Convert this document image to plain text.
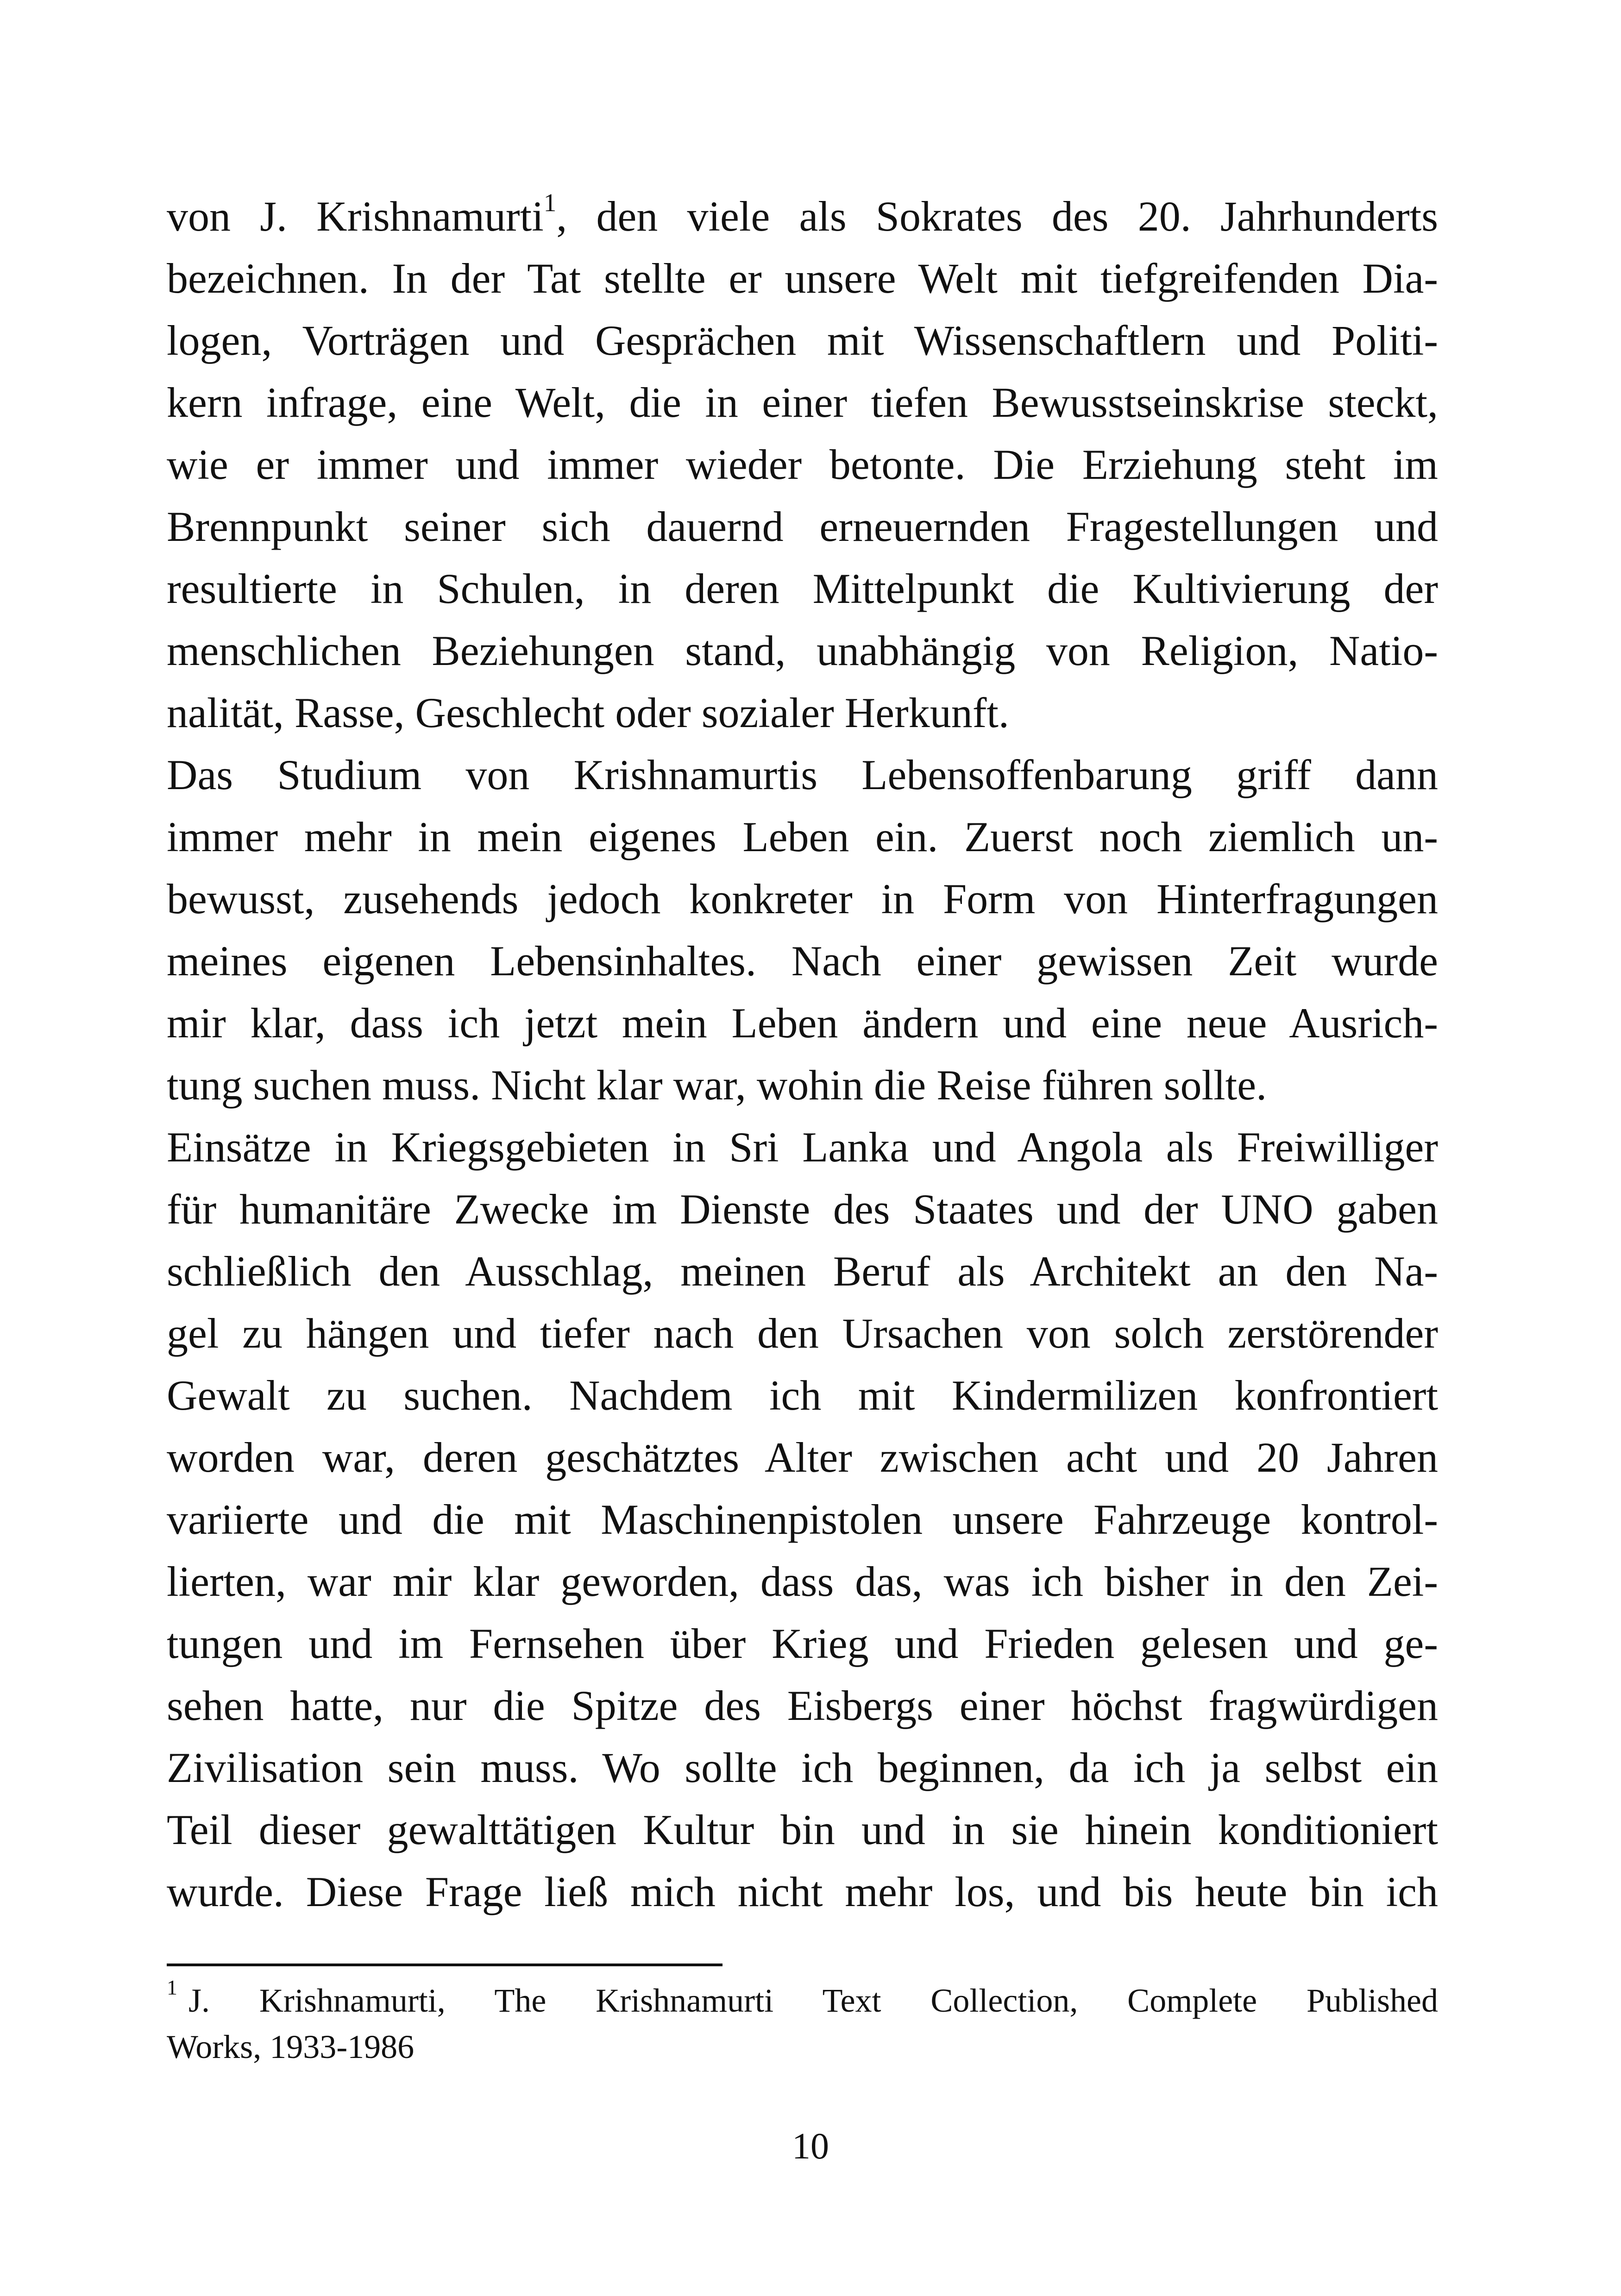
von J. Krishnamurti$^1$, den viele als Sokrates des 20. Jahrhunderts
bezeichnen. In der Tat stellte er unsere Welt mit tiefgreifenden Dia-
logen, Vorträgen und Gesprächen mit Wissenschaftlern und Politi-
kern infrage, eine Welt, die in einer tiefen Bewusstseinskrise steckt,
wie er immer und immer wieder betonte. Die Erziehung steht im
Brennpunkt seiner sich dauernd erneuernden Fragestellungen und
resultierte in Schulen, in deren Mittelpunkt die Kultivierung der
menschlichen Beziehungen stand, unabhängig von Religion, Natio-
nalität, Rasse, Geschlecht oder sozialer Herkunft.
Das Studium von Krishnamurtis Lebensoffenbarung griff dann
immer mehr in mein eigenes Leben ein. Zuerst noch ziemlich un-
bewusst, zusehends jedoch konkreter in Form von Hinterfragungen
meines eigenen Lebensinhaltes. Nach einer gewissen Zeit wurde
mir klar, dass ich jetzt mein Leben ändern und eine neue Ausrich-
tung suchen muss. Nicht klar war, wohin die Reise führen sollte.
Einsätze in Kriegsgebieten in Sri Lanka und Angola als Freiwilliger
für humanitäre Zwecke im Dienste des Staates und der UNO gaben
schließlich den Ausschlag, meinen Beruf als Architekt an den Na-
gel zu hängen und tiefer nach den Ursachen von solch zerstörender
Gewalt zu suchen. Nachdem ich mit Kindermilizen konfrontiert
worden war, deren geschätztes Alter zwischen acht und 20 Jahren
variierte und die mit Maschinenpistolen unsere Fahrzeuge kontrol-
lierten, war mir klar geworden, dass das, was ich bisher in den Zei-
tungen und im Fernsehen über Krieg und Frieden gelesen und ge-
sehen hatte, nur die Spitze des Eisbergs einer höchst fragwürdigen
Zivilisation sein muss. Wo sollte ich beginnen, da ich ja selbst ein
Teil dieser gewalttätigen Kultur bin und in sie hinein konditioniert
wurde. Diese Frage ließ mich nicht mehr los, und bis heute bin ich
$^1$ J. Krishnamurti, The Krishnamurti Text Collection, Complete Published
Works, 1933-1986
10
